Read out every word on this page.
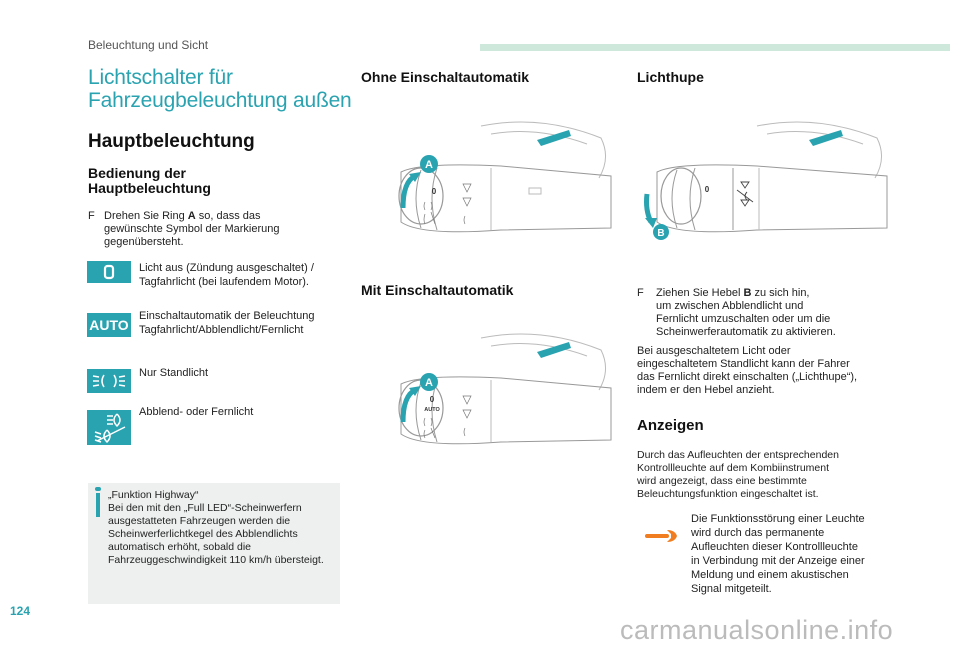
Beleuchtung und Sicht
Lichtschalter für
Fahrzeugbeleuchtung außen
Hauptbeleuchtung
Bedienung der
Hauptbeleuchtung
F Drehen Sie Ring A so, dass das
gewünschte Symbol der Markierung
gegenübersteht.
Licht aus (Zündung ausgeschaltet) /
Tagfahrlicht (bei laufendem Motor).
AUTO
Einschaltautomatik der Beleuchtung
Tagfahrlicht/Abblendlicht/Fernlicht
Nur Standlicht
Abblend- oder Fernlicht
„Funktion Highway“
Bei den mit den „Full LED“-Scheinwerfern
ausgestatteten Fahrzeugen werden die
Scheinwerferlichtkegel des Abblendlichts
automatisch erhöht, sobald die
Fahrzeuggeschwindigkeit 110 km/h übersteigt.
Ohne Einschaltautomatik
A
0
Mit Einschaltautomatik
A
0
AUTO
Lichthupe
B
0
F Ziehen Sie Hebel B zu sich hin,
um zwischen Abblendlicht und
Fernlicht umzuschalten oder um die
Scheinwerferautomatik zu aktivieren.
Bei ausgeschaltetem Licht oder
eingeschaltetem Standlicht kann der Fahrer
das Fernlicht direkt einschalten („Lichthupe“),
indem er den Hebel anzieht.
Anzeigen
Durch das Aufleuchten der entsprechenden
Kontrollleuchte auf dem Kombiinstrument
wird angezeigt, dass eine bestimmte
Beleuchtungsfunktion eingeschaltet ist.
Die Funktionsstörung einer Leuchte
wird durch das permanente
Aufleuchten dieser Kontrollleuchte
in Verbindung mit der Anzeige einer
Meldung und einem akustischen
Signal mitgeteilt.
124
carmanualsonline.info
